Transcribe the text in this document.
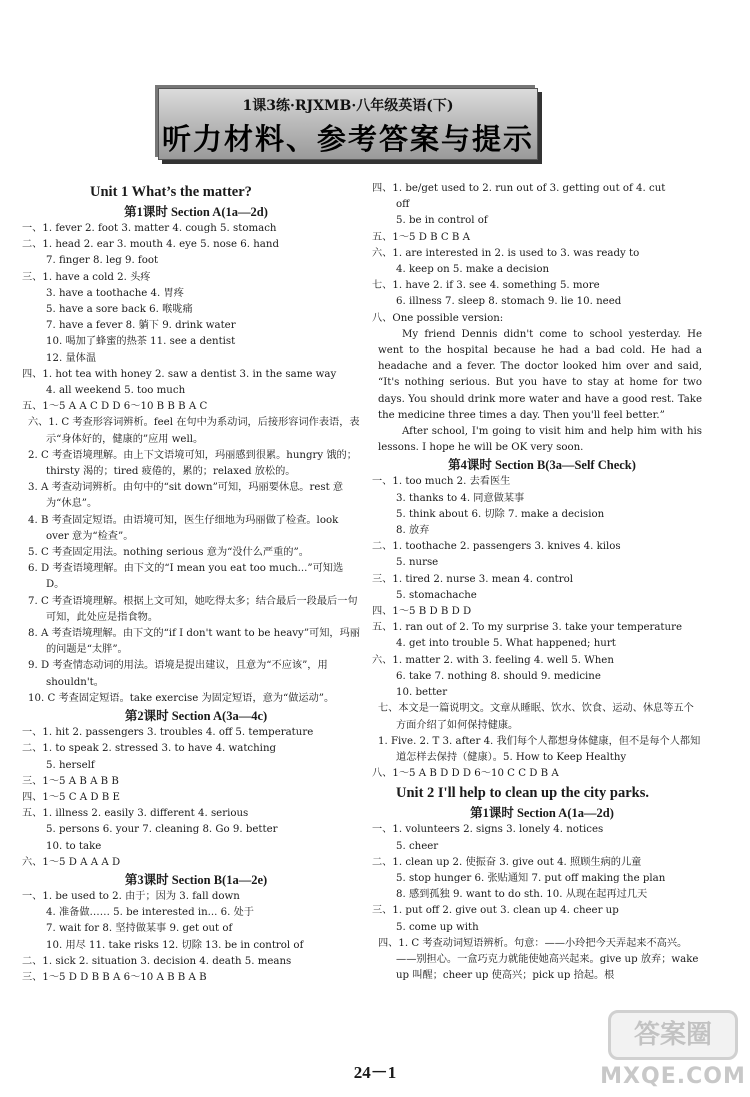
1课3练·RJXMB·八年级英语(下)
听力材料、参考答案与提示
Unit 1 What’s the matter?
第1课时 Section A(1a—2d)
一、1. fever 2. foot 3. matter 4. cough 5. stomach
二、1. head 2. ear 3. mouth 4. eye 5. nose 6. hand
7. finger 8. leg 9. foot
三、1. have a cold 2. 头疼
3. have a toothache 4. 胃疼
5. have a sore back 6. 喉咙痛
7. have a fever 8. 躺下 9. drink water
10. 喝加了蜂蜜的热茶 11. see a dentist
12. 量体温
四、1. hot tea with honey 2. saw a dentist 3. in the same way
4. all weekend 5. too much
五、1～5 A A C D D 6～10 B B B A C
六、1. C 考查形容词辨析。feel 在句中为系动词，后接形容词作表语，表示“身体好的，健康的”应用 well。
2. C 考查语境理解。由上下文语境可知，玛丽感到很累。hungry 饿的；thirsty 渴的；tired 疲倦的，累的；relaxed 放松的。
3. A 考查动词辨析。由句中的“sit down”可知，玛丽要休息。rest 意为“休息”。
4. B 考查固定短语。由语境可知，医生仔细地为玛丽做了检查。look over 意为“检查”。
5. C 考查固定用法。nothing serious 意为“没什么严重的”。
6. D 考查语境理解。由下文的“I mean you eat too much...”可知选 D。
7. C 考查语境理解。根据上文可知，她吃得太多；结合最后一段最后一句可知，此处应是指食物。
8. A 考查语境理解。由下文的“if I don't want to be heavy”可知，玛丽的问题是“太胖”。
9. D 考查情态动词的用法。语境是提出建议，且意为“不应该”，用 shouldn't。
10. C 考查固定短语。take exercise 为固定短语，意为“做运动”。
第2课时 Section A(3a—4c)
一、1. hit 2. passengers 3. troubles 4. off 5. temperature
二、1. to speak 2. stressed 3. to have 4. watching
5. herself
三、1～5 A B A B B
四、1～5 C A D B E
五、1. illness 2. easily 3. different 4. serious
5. persons 6. your 7. cleaning 8. Go 9. better
10. to take
六、1～5 D A A A D
第3课时 Section B(1a—2e)
一、1. be used to 2. 由于；因为 3. fall down
4. 准备做…… 5. be interested in... 6. 处于
7. wait for 8. 坚持做某事 9. get out of
10. 用尽 11. take risks 12. 切除 13. be in control of
二、1. sick 2. situation 3. decision 4. death 5. means
三、1～5 D D B B A 6～10 A B B A B
四、1. be/get used to 2. run out of 3. getting out of 4. cut
off
5. be in control of
五、1～5 D B C B A
六、1. are interested in 2. is used to 3. was ready to
4. keep on 5. make a decision
七、1. have 2. if 3. see 4. something 5. more
6. illness 7. sleep 8. stomach 9. lie 10. need
八、One possible version:
My friend Dennis didn't come to school yesterday. He went to the hospital because he had a bad cold. He had a headache and a fever. The doctor looked him over and said, “It's nothing serious. But you have to stay at home for two days. You should drink more water and have a good rest. Take the medicine three times a day. Then you'll feel better.”
After school, I'm going to visit him and help him with his lessons. I hope he will be OK very soon.
第4课时 Section B(3a—Self Check)
一、1. too much 2. 去看医生
3. thanks to 4. 同意做某事
5. think about 6. 切除 7. make a decision
8. 放弃
二、1. toothache 2. passengers 3. knives 4. kilos
5. nurse
三、1. tired 2. nurse 3. mean 4. control
5. stomachache
四、1～5 B D B D D
五、1. ran out of 2. To my surprise 3. take your temperature
4. get into trouble 5. What happened; hurt
六、1. matter 2. with 3. feeling 4. well 5. When
6. take 7. nothing 8. should 9. medicine
10. better
七、本文是一篇说明文。文章从睡眠、饮水、饮食、运动、休息等五个方面介绍了如何保持健康。
1. Five. 2. T 3. after 4. 我们每个人都想身体健康，但不是每个人都知道怎样去保持（健康）。5. How to Keep Healthy
八、1～5 A B D D D 6～10 C C D B A
Unit 2 I'll help to clean up the city parks.
第1课时 Section A(1a—2d)
一、1. volunteers 2. signs 3. lonely 4. notices
5. cheer
二、1. clean up 2. 使振奋 3. give out 4. 照顾生病的儿童
5. stop hunger 6. 张贴通知 7. put off making the plan
8. 感到孤独 9. want to do sth. 10. 从现在起再过几天
三、1. put off 2. give out 3. clean up 4. cheer up
5. come up with
四、1. C 考查动词短语辨析。句意：——小玲把今天弄起来不高兴。——别担心。一盒巧克力就能使她高兴起来。give up 放弃；wake up 叫醒；cheer up 使高兴；pick up 拾起。根
24－1
答案圈
MXQE.COM
